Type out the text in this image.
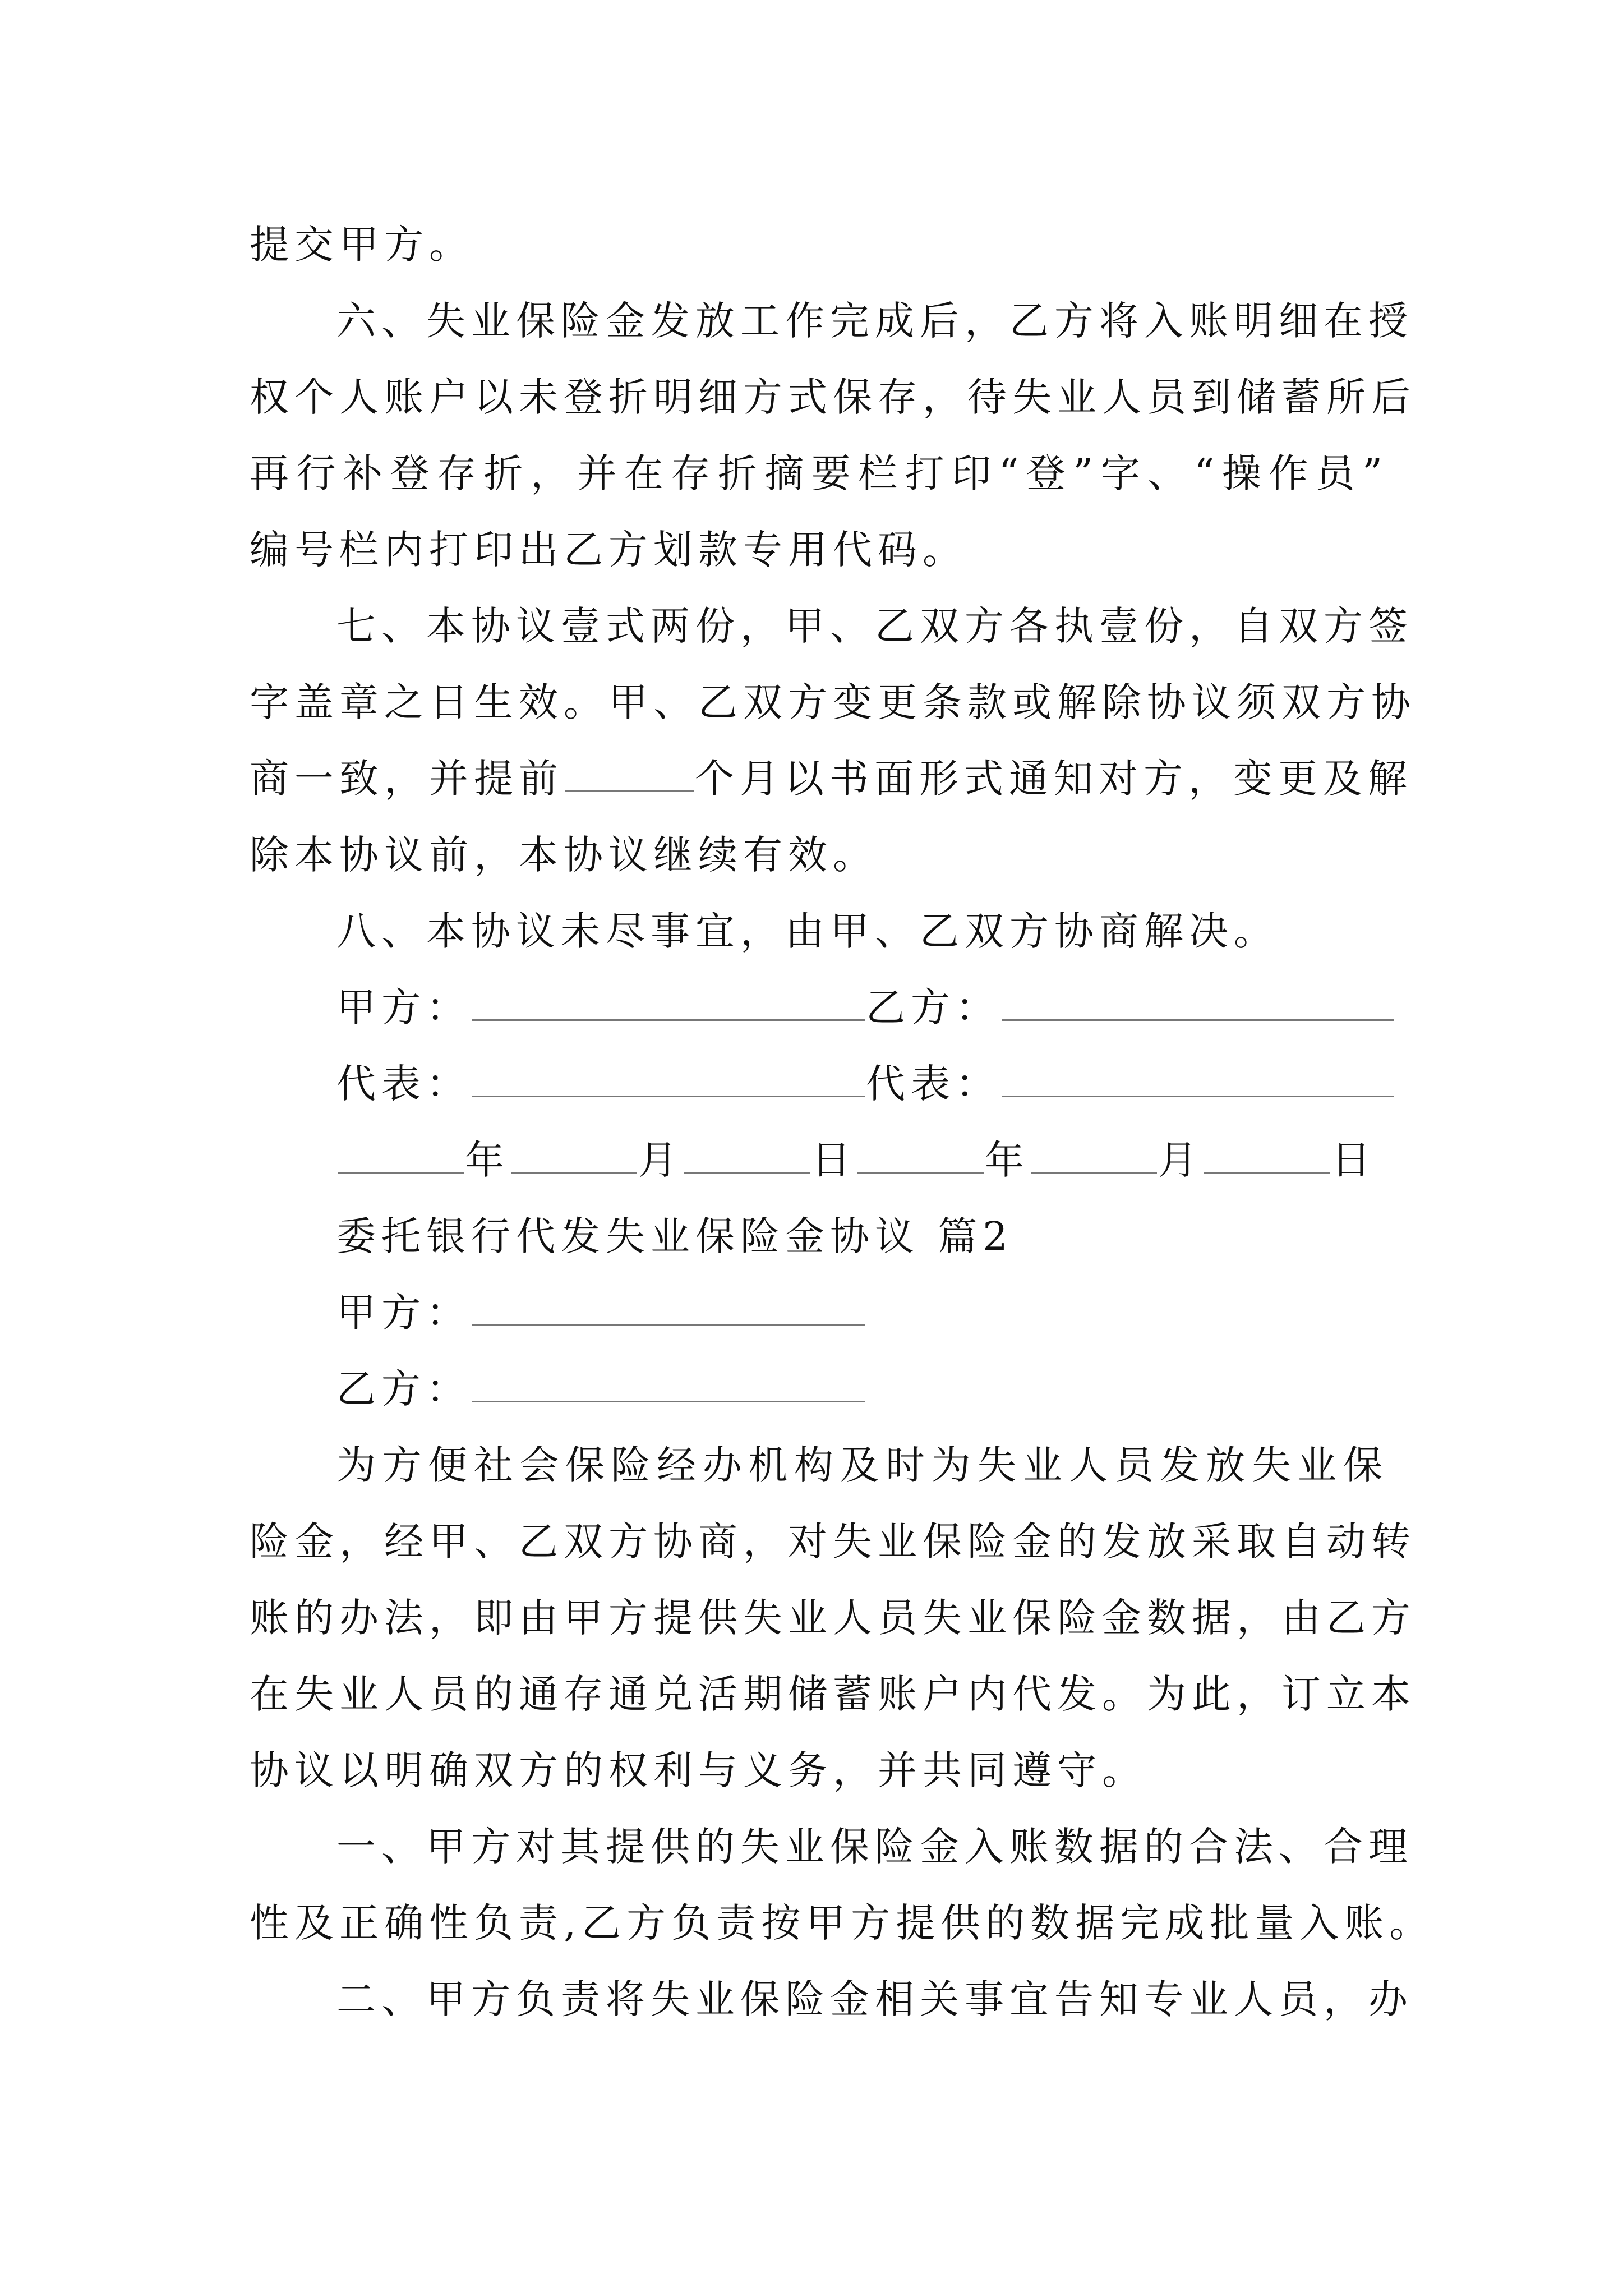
提交甲方。
六、失业保险金发放工作完成后，乙方将入账明细在授
权个人账户以未登折明细方式保存，待失业人员到储蓄所后
再行补登存折，并在存折摘要栏打印“登”字、“操作员”
编号栏内打印出乙方划款专用代码。
七、本协议壹式两份，甲、乙双方各执壹份，自双方签
字盖章之日生效。甲、乙双方变更条款或解除协议须双方协
商一致，并提前	个月以书面形式通知对方，变更及解
除本协议前，本协议继续有效。
八、本协议未尽事宜，由甲、乙双方协商解决。
甲方：	乙方：
代表：	代表：
年	月	日	年	月	日
委托银行代发失业保险金协议 篇2
甲方：
乙方：
为方便社会保险经办机构及时为失业人员发放失业保
险金，经甲、乙双方协商，对失业保险金的发放采取自动转
账的办法，即由甲方提供失业人员失业保险金数据，由乙方
在失业人员的通存通兑活期储蓄账户内代发。为此，订立本
协议以明确双方的权利与义务，并共同遵守。
一、甲方对其提供的失业保险金入账数据的合法、合理
性及正确性负责,乙方负责按甲方提供的数据完成批量入账。
二、甲方负责将失业保险金相关事宜告知专业人员，办
